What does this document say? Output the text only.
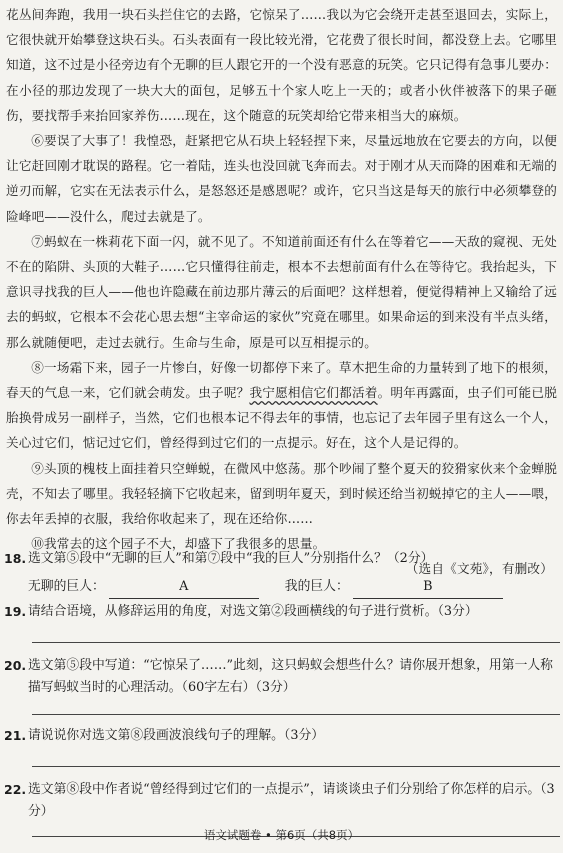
花丛间奔跑，我用一块石头拦住它的去路，它惊呆了……我以为它会绕开走甚至退回去，实际上，它很快就开始攀登这块石头。石头表面有一段比较光滑，它花费了很长时间，都没登上去。它哪里知道，这不过是小径旁边有个无聊的巨人跟它开的一个没有恶意的玩笑。它只记得有急事儿要办：在小径的那边发现了一块大大的面包，足够五十个家人吃上一天的；或者小伙伴被落下的果子砸伤，要找帮手来抬回家养伤……现在，这个随意的玩笑却给它带来相当大的麻烦。

⑥要误了大事了！我惶恐，赶紧把它从石块上轻轻捏下来，尽量远地放在它要去的方向，以便让它赶回刚才耽误的路程。它一着陆，连头也没回就飞奔而去。对于刚才从天而降的困难和无端的逆刃而解，它实在无法表示什么，是怒怒还是感恩呢？或许，它只当这是每天的旅行中必须攀登的险峰吧——没什么，爬过去就是了。

⑦蚂蚁在一株莉花下面一闪，就不见了。不知道前面还有什么在等着它——天敌的窥视、无处不在的陷阱、头顶的大鞋子……它只懂得往前走，根本不去想前面有什么在等待它。我抬起头，下意识寻找我的巨人——他也许隐藏在前边那片薄云的后面吧？这样想着，便觉得精神上又输给了远去的蚂蚁，它根本不会花心思去想“主宰命运的家伙”究竟在哪里。如果命运的到来没有半点头绪，那么就随便吧，走过去就行。生命与生命，原是可以互相提示的。

⑧一场霜下来，园子一片惨白，好像一切都停下来了。草木把生命的力量转到了地下的根须，春天的气息一来，它们就会萌发。虫子呢？我宁愿相信它们都活着。明年再露面，虫子们可能已脱胎换骨成另一副样子，当然，它们也根本记不得去年的事情，也忘记了去年园子里有这么一个人，关心过它们，惦记过它们，曾经得到过它们的一点提示。好在，这个人是记得的。

⑨头顶的槐枝上面挂着只空蝉蜕，在微风中悠荡。那个吵闹了整个夏天的狡猾家伙来个金蝉脱壳，不知去了哪里。我轻轻摘下它收起来，留到明年夏天，到时候还给当初蜕掉它的主人——喂，你去年丢掉的衣服，我给你收起来了，现在还给你……

⑩我常去的这个园子不大，却盛下了我很多的思量。

（选自《文苑》，有删改）

18. 选文第⑤段中“无聊的巨人”和第⑦段中“我的巨人”分别指什么？（2分）
无聊的巨人：	A	我的巨人：	B
19. 请结合语境，从修辞运用的角度，对选文第②段画横线的句子进行赏析。（3分）
20. 选文第⑤段中写道：“它惊呆了……”此刻，这只蚂蚁会想些什么？请你展开想象，用第一人称描写蚂蚁当时的心理活动。（60字左右）（3分）
21. 请说说你对选文第⑧段画波浪线句子的理解。（3分）
22. 选文第⑧段中作者说“曾经得到过它们的一点提示”，请谈谈虫子们分别给了你怎样的启示。（3分）
语文试题卷 • 第6页（共8页）
